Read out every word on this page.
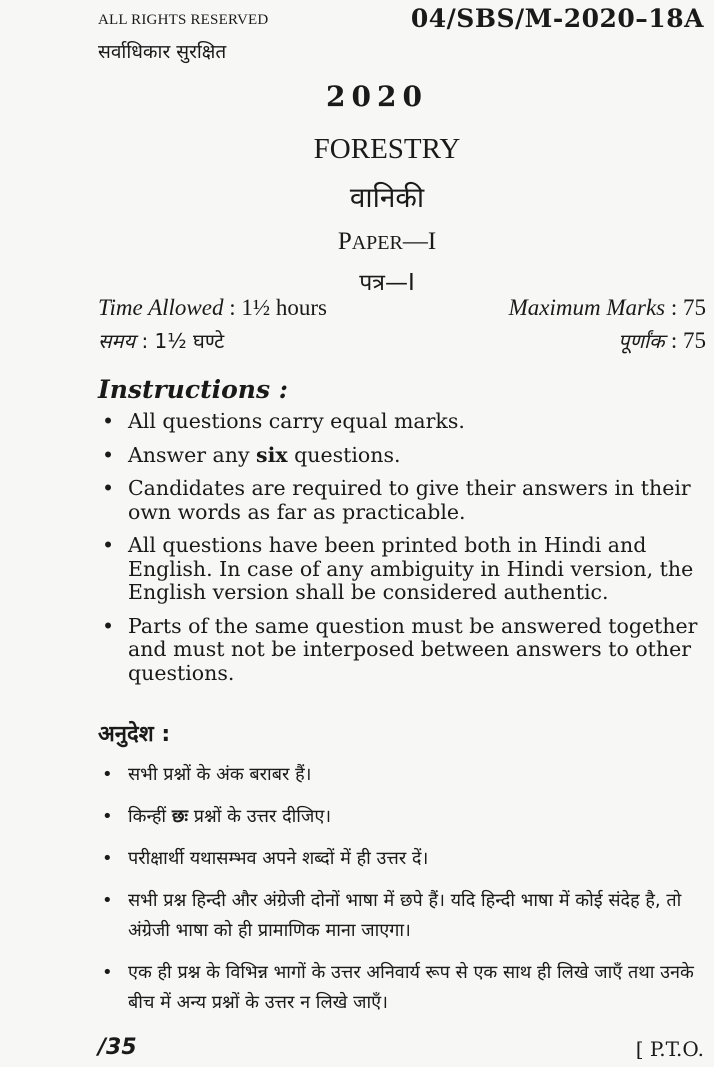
ALL RIGHTS RESERVED
सर्वाधिकार सुरक्षित
04/SBS/M-2020–18A
2020
FORESTRY
वानिकी
PAPER—I
पत्र—I
Time Allowed : 1½ hours	Maximum Marks : 75
समय : 1½ घण्टे	पूर्णांक : 75
Instructions :
• All questions carry equal marks.
• Answer any six questions.
• Candidates are required to give their answers in their own words as far as practicable.
• All questions have been printed both in Hindi and English. In case of any ambiguity in Hindi version, the English version shall be considered authentic.
• Parts of the same question must be answered together and must not be interposed between answers to other questions.
अनुदेश :
• सभी प्रश्नों के अंक बराबर हैं।
• किन्हीं छः प्रश्नों के उत्तर दीजिए।
• परीक्षार्थी यथासम्भव अपने शब्दों में ही उत्तर दें।
• सभी प्रश्न हिन्दी और अंग्रेजी दोनों भाषा में छपे हैं। यदि हिन्दी भाषा में कोई संदेह है, तो अंग्रेजी भाषा को ही प्रामाणिक माना जाएगा।
• एक ही प्रश्न के विभिन्न भागों के उत्तर अनिवार्य रूप से एक साथ ही लिखे जाएँ तथा उनके बीच में अन्य प्रश्नों के उत्तर न लिखे जाएँ।
/35	[ P.T.O.
